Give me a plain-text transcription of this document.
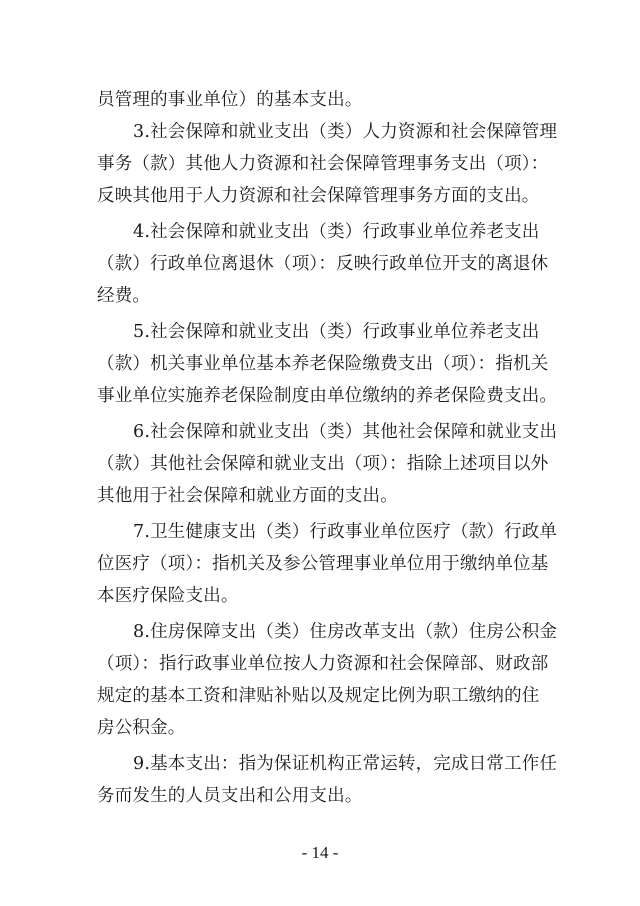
员管理的事业单位）的基本支出。
3.社会保障和就业支出（类）人力资源和社会保障管理
事务（款）其他人力资源和社会保障管理事务支出（项）：
反映其他用于人力资源和社会保障管理事务方面的支出。
4.社会保障和就业支出（类）行政事业单位养老支出
（款）行政单位离退休（项）：反映行政单位开支的离退休
经费。
5.社会保障和就业支出（类）行政事业单位养老支出
（款）机关事业单位基本养老保险缴费支出（项）：指机关
事业单位实施养老保险制度由单位缴纳的养老保险费支出。
6.社会保障和就业支出（类）其他社会保障和就业支出
（款）其他社会保障和就业支出（项）：指除上述项目以外
其他用于社会保障和就业方面的支出。
7.卫生健康支出（类）行政事业单位医疗（款）行政单
位医疗（项）：指机关及参公管理事业单位用于缴纳单位基
本医疗保险支出。
8.住房保障支出（类）住房改革支出（款）住房公积金
（项）：指行政事业单位按人力资源和社会保障部、财政部
规定的基本工资和津贴补贴以及规定比例为职工缴纳的住
房公积金。
9.基本支出：指为保证机构正常运转，完成日常工作任
务而发生的人员支出和公用支出。
- 14 -
